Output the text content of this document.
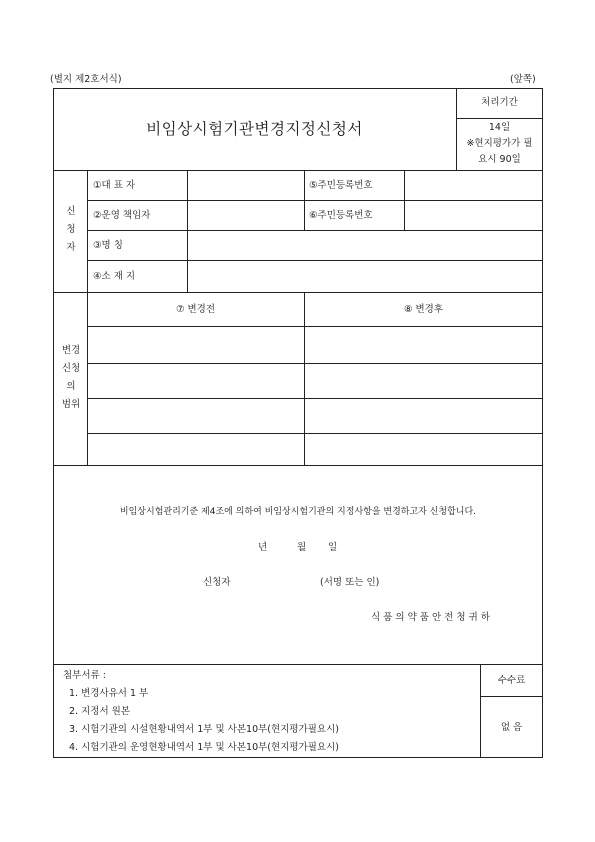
(별지 제2호서식)	(앞쪽)
비임상시험기관변경지정신청서
처리기간
14일
※현지평가가 필
요시 90일
신
청
자
①대 표 자	⑤주민등록번호
②운영 책임자	⑥주민등록번호
③명 칭
④소 재 지
변경
신청
의
범위
⑦ 변경전	⑧ 변경후
비임상시험관리기준 제4조에 의하여 비임상시험기관의 지정사항을 변경하고자 신청합니다.
년	월 일
신청자	(서명 또는 인)
식 품 의 약 품 안 전 청 귀 하
첨부서류 :
1. 변경사유서 1 부
2. 지정서 원본
3. 시험기관의 시설현황내역서 1부 및 사본10부(현지평가필요시)
4. 시험기관의 운영현황내역서 1부 및 사본10부(현지평가필요시)
수수료
없 음
